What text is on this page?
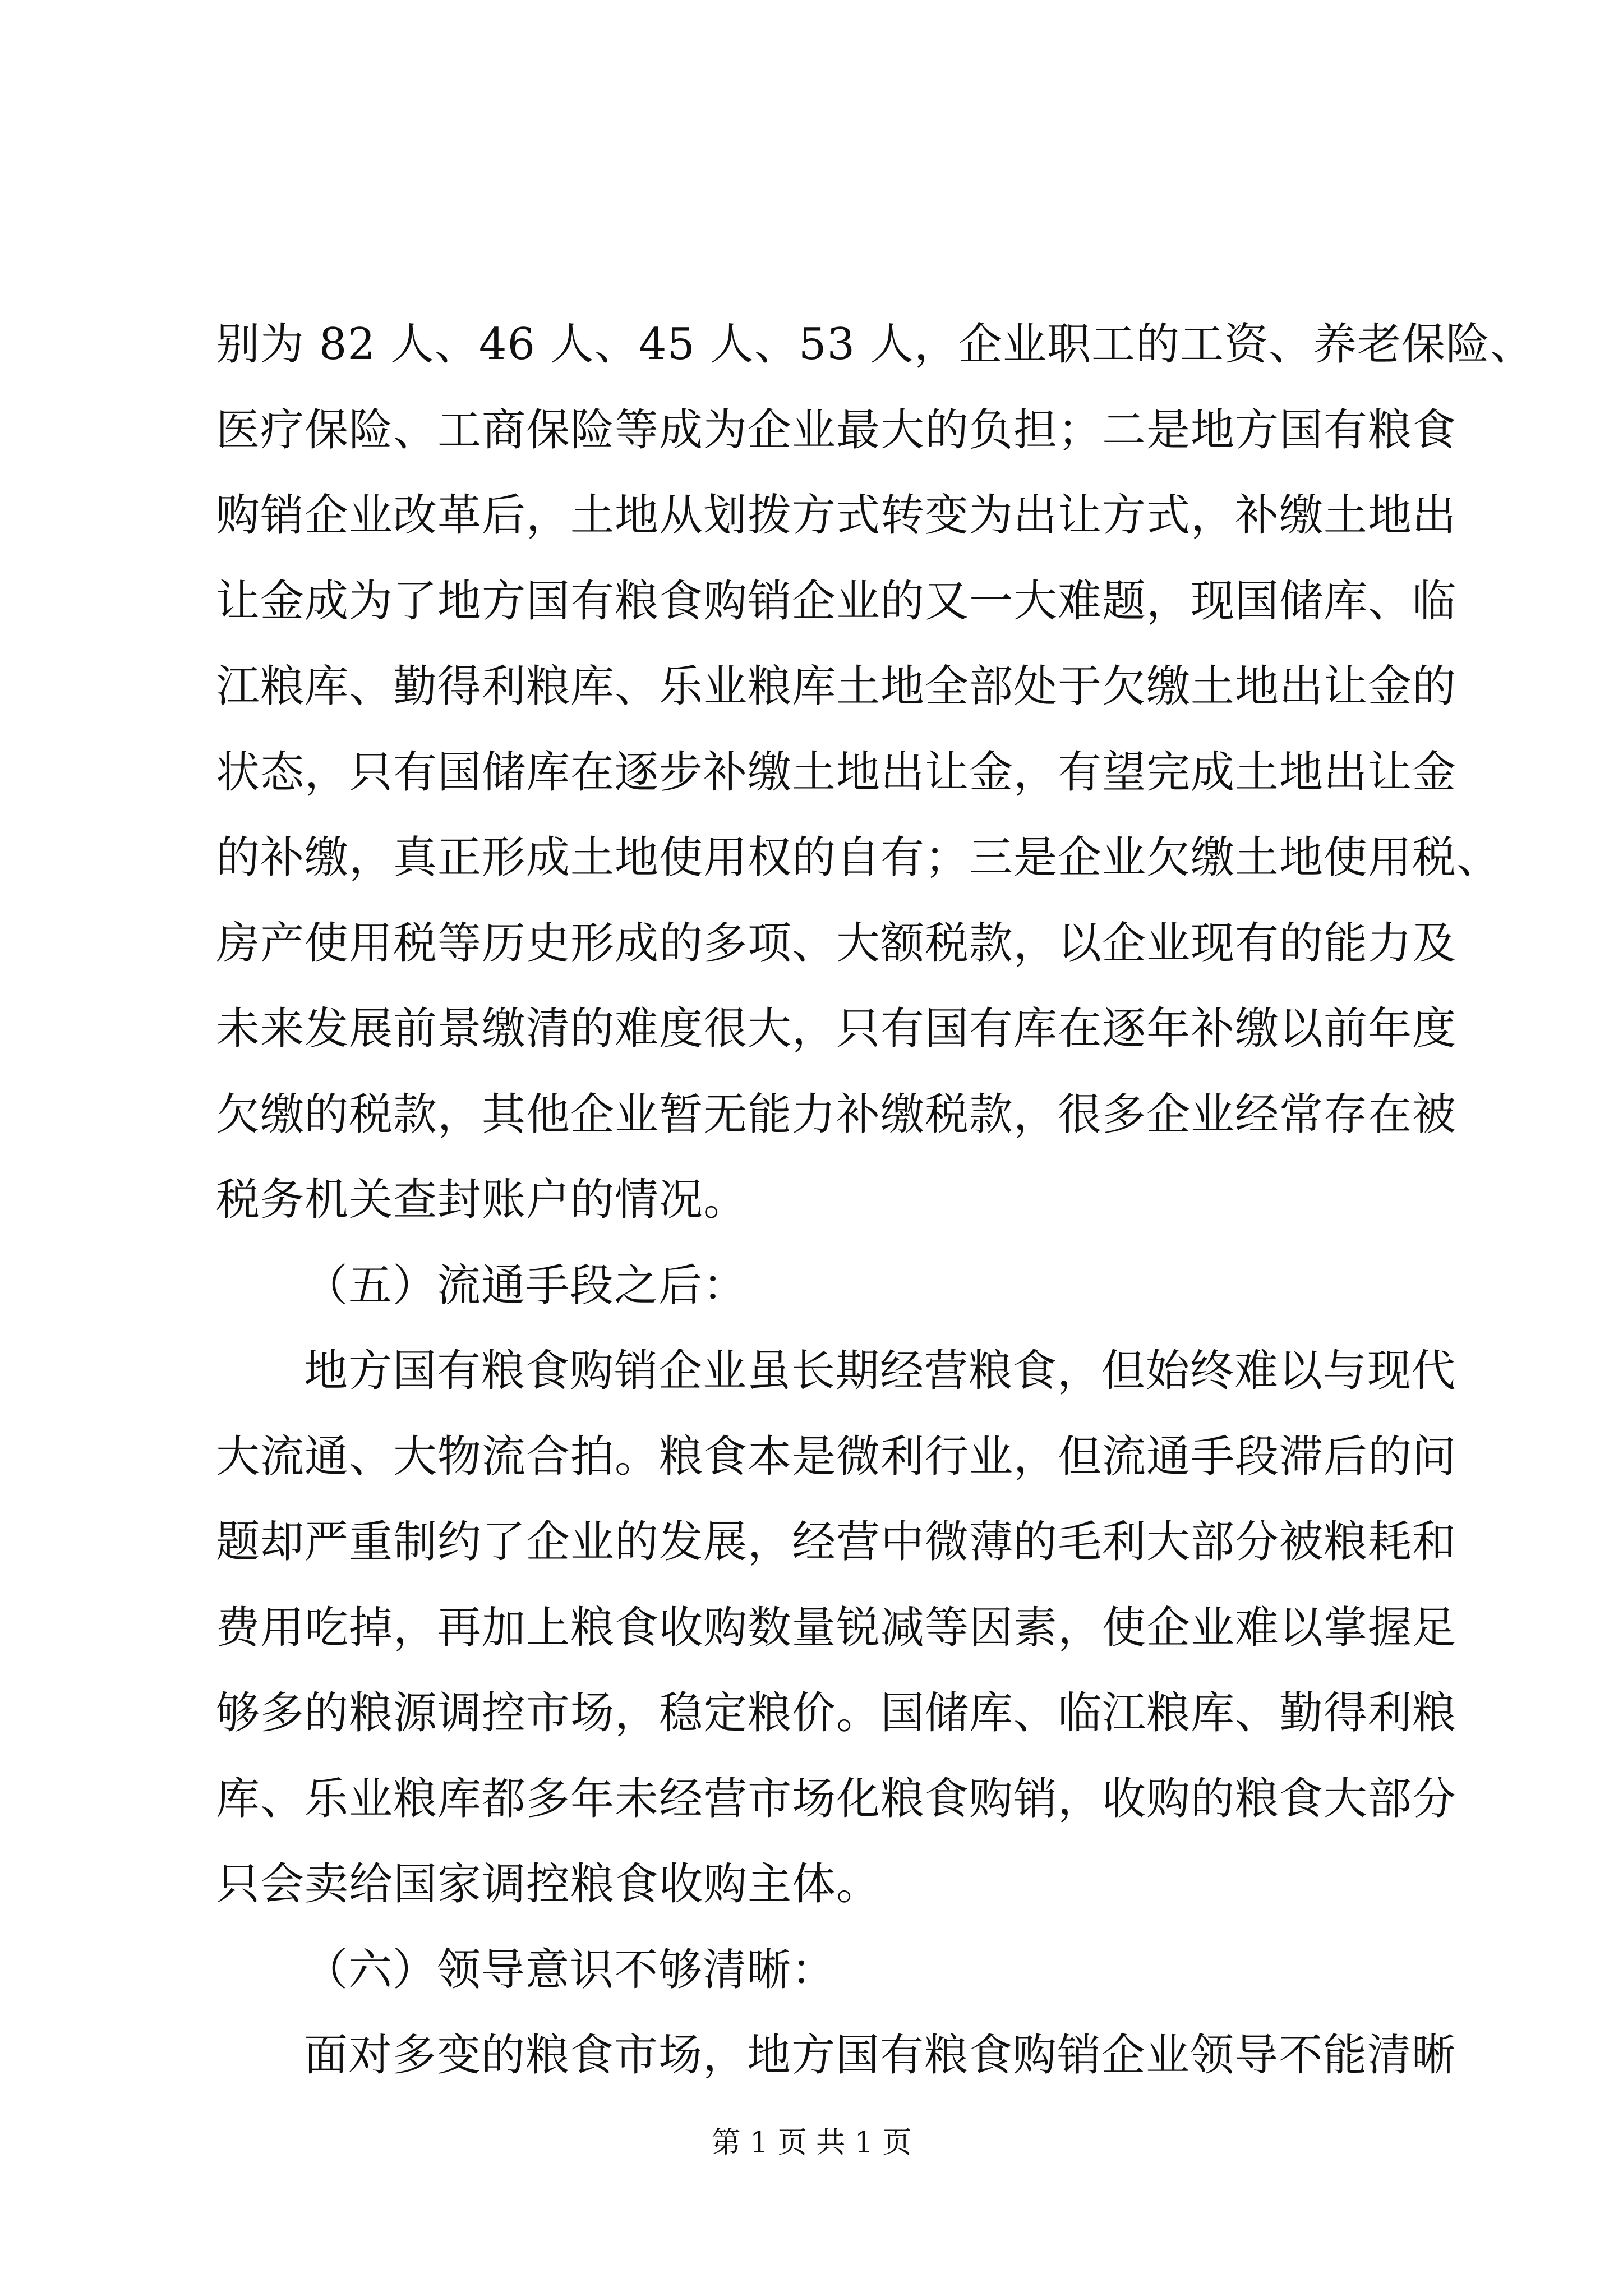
别为 82 人、46 人、45 人、53 人，企业职工的工资、养老保险、
医疗保险、工商保险等成为企业最大的负担；二是地方国有粮食
购销企业改革后，土地从划拨方式转变为出让方式，补缴土地出
让金成为了地方国有粮食购销企业的又一大难题，现国储库、临
江粮库、勤得利粮库、乐业粮库土地全部处于欠缴土地出让金的
状态，只有国储库在逐步补缴土地出让金，有望完成土地出让金
的补缴，真正形成土地使用权的自有；三是企业欠缴土地使用税、
房产使用税等历史形成的多项、大额税款，以企业现有的能力及
未来发展前景缴清的难度很大，只有国有库在逐年补缴以前年度
欠缴的税款，其他企业暂无能力补缴税款，很多企业经常存在被
税务机关查封账户的情况。
（五）流通手段之后：
地方国有粮食购销企业虽长期经营粮食，但始终难以与现代
大流通、大物流合拍。粮食本是微利行业，但流通手段滞后的问
题却严重制约了企业的发展，经营中微薄的毛利大部分被粮耗和
费用吃掉，再加上粮食收购数量锐减等因素，使企业难以掌握足
够多的粮源调控市场，稳定粮价。国储库、临江粮库、勤得利粮
库、乐业粮库都多年未经营市场化粮食购销，收购的粮食大部分
只会卖给国家调控粮食收购主体。
（六）领导意识不够清晰：
面对多变的粮食市场，地方国有粮食购销企业领导不能清晰
第 1 页 共 1 页
